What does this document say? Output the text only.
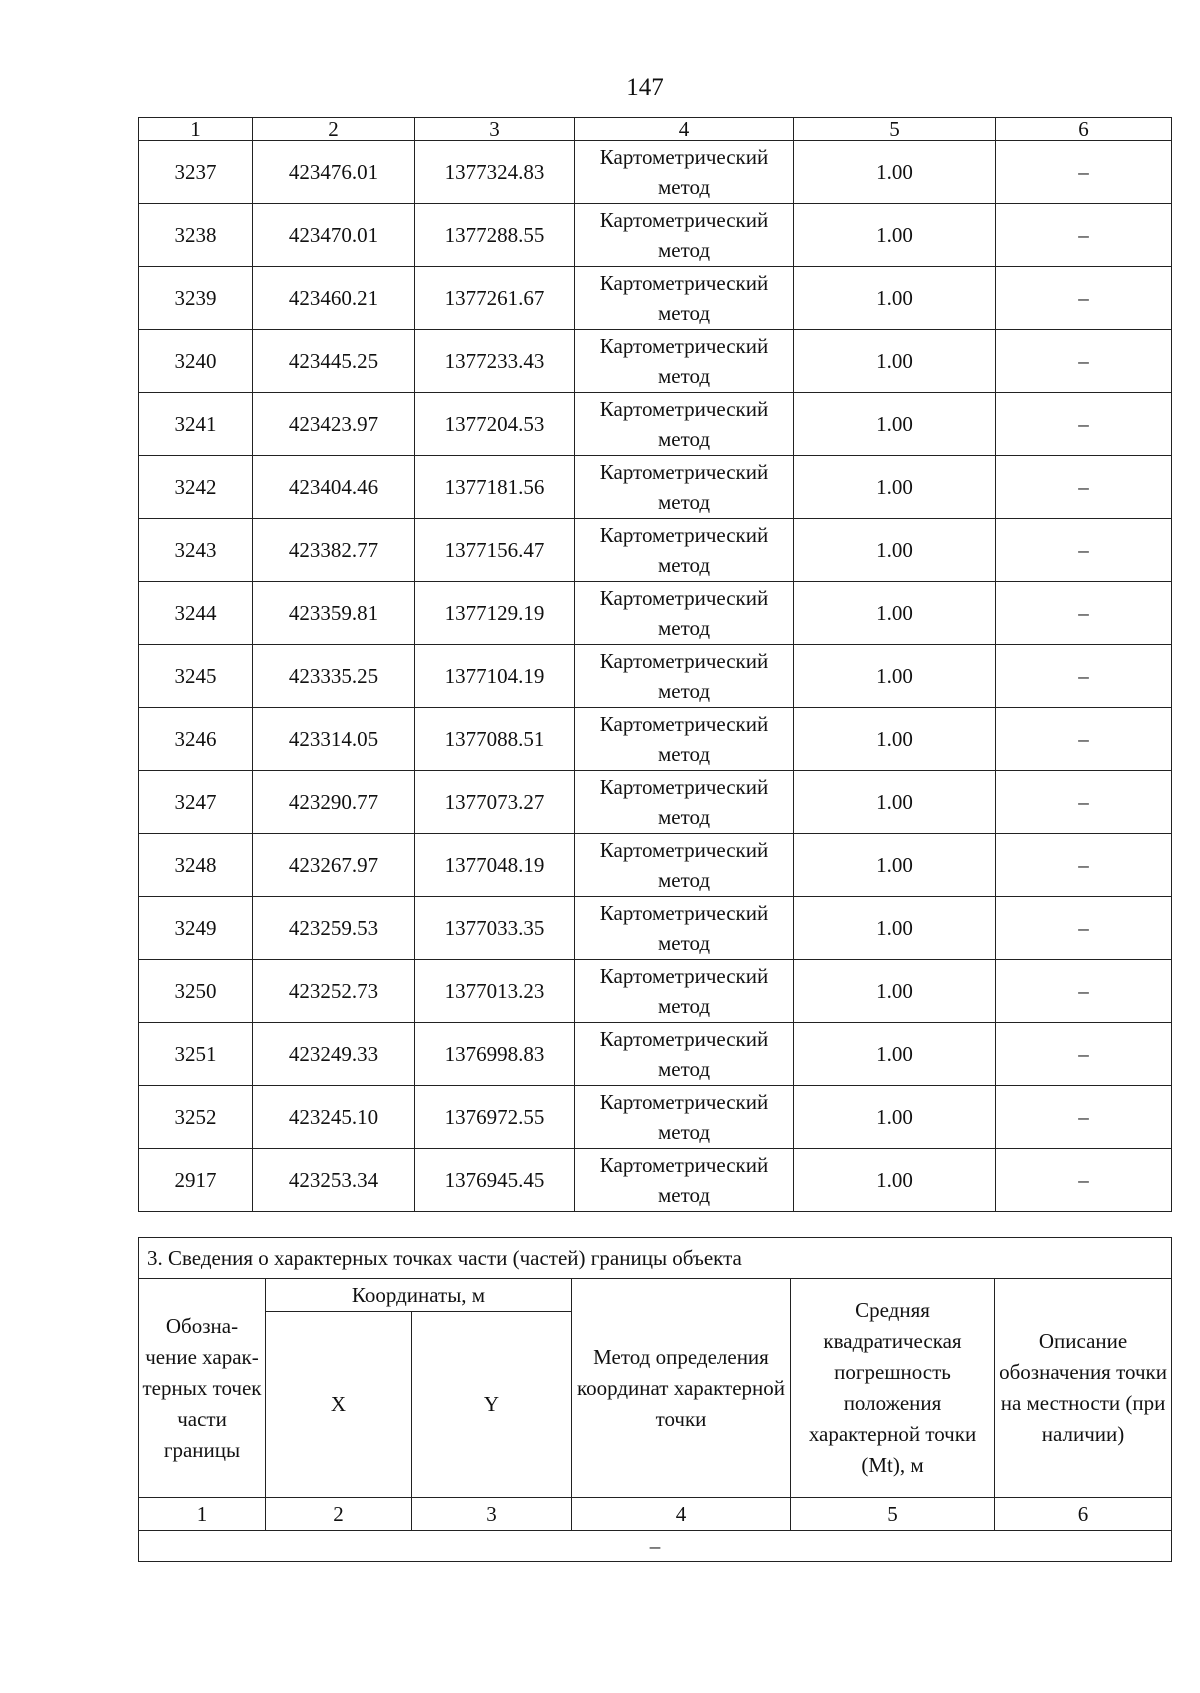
147
1	2	3	4	5	6
3237	423476.01	1377324.83	Картометрический метод	1.00	–
3238	423470.01	1377288.55	Картометрический метод	1.00	–
3239	423460.21	1377261.67	Картометрический метод	1.00	–
3240	423445.25	1377233.43	Картометрический метод	1.00	–
3241	423423.97	1377204.53	Картометрический метод	1.00	–
3242	423404.46	1377181.56	Картометрический метод	1.00	–
3243	423382.77	1377156.47	Картометрический метод	1.00	–
3244	423359.81	1377129.19	Картометрический метод	1.00	–
3245	423335.25	1377104.19	Картометрический метод	1.00	–
3246	423314.05	1377088.51	Картометрический метод	1.00	–
3247	423290.77	1377073.27	Картометрический метод	1.00	–
3248	423267.97	1377048.19	Картометрический метод	1.00	–
3249	423259.53	1377033.35	Картометрический метод	1.00	–
3250	423252.73	1377013.23	Картометрический метод	1.00	–
3251	423249.33	1376998.83	Картометрический метод	1.00	–
3252	423245.10	1376972.55	Картометрический метод	1.00	–
2917	423253.34	1376945.45	Картометрический метод	1.00	–
3. Сведения о характерных точках части (частей) границы объекта					
Обозна- чение харак- терных точек части границы	Координаты, м		Метод определения координат характерной точки	Средняя квадратическая погрешность положения характерной точки (Mt), м	Описание обозначения точки на местности (при наличии)
	X	Y			
1	2	3	4	5	6
–					
